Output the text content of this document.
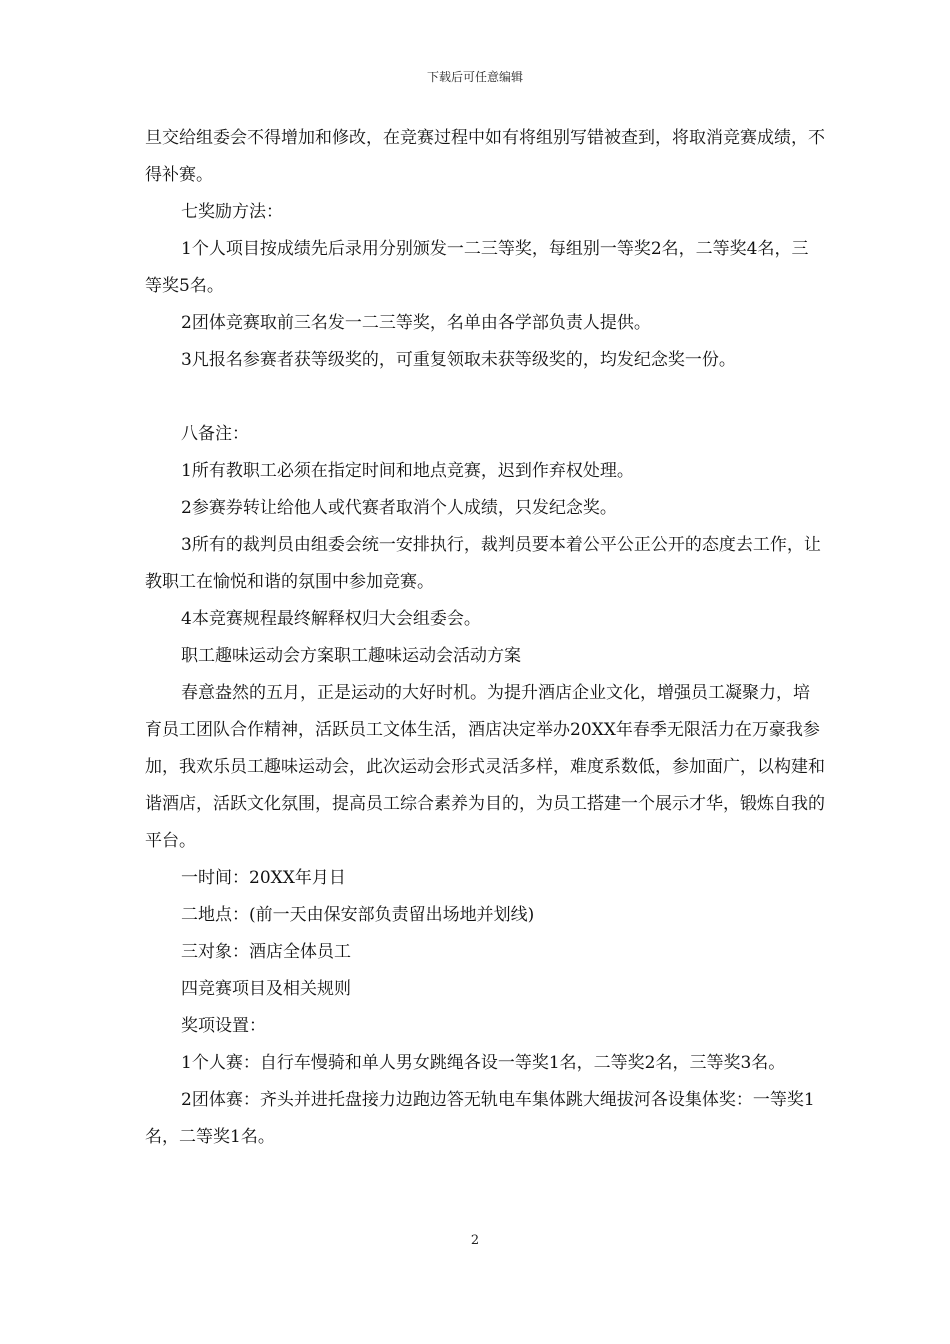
下载后可任意编辑

旦交给组委会不得增加和修改，在竞赛过程中如有将组别写错被查到，将取消竞赛成绩，不得补赛。

七奖励方法：

1个人项目按成绩先后录用分别颁发一二三等奖，每组别一等奖2名，二等奖4名，三等奖5名。

2团体竞赛取前三名发一二三等奖，名单由各学部负责人提供。

3凡报名参赛者获等级奖的，可重复领取未获等级奖的，均发纪念奖一份。

八备注：

1所有教职工必须在指定时间和地点竞赛，迟到作弃权处理。

2参赛券转让给他人或代赛者取消个人成绩，只发纪念奖。

3所有的裁判员由组委会统一安排执行，裁判员要本着公平公正公开的态度去工作，让教职工在愉悦和谐的氛围中参加竞赛。

4本竞赛规程最终解释权归大会组委会。

职工趣味运动会方案职工趣味运动会活动方案

春意盎然的五月，正是运动的大好时机。为提升酒店企业文化，增强员工凝聚力，培育员工团队合作精神，活跃员工文体生活，酒店决定举办20XX年春季无限活力在万豪我参加，我欢乐员工趣味运动会，此次运动会形式灵活多样，难度系数低，参加面广，以构建和谐酒店，活跃文化氛围，提高员工综合素养为目的，为员工搭建一个展示才华，锻炼自我的平台。

一时间：20XX年月日

二地点：(前一天由保安部负责留出场地并划线)

三对象：酒店全体员工

四竞赛项目及相关规则

奖项设置：

1个人赛：自行车慢骑和单人男女跳绳各设一等奖1名，二等奖2名，三等奖3名。

2团体赛：齐头并进托盘接力边跑边答无轨电车集体跳大绳拔河各设集体奖：一等奖1名，二等奖1名。

2
